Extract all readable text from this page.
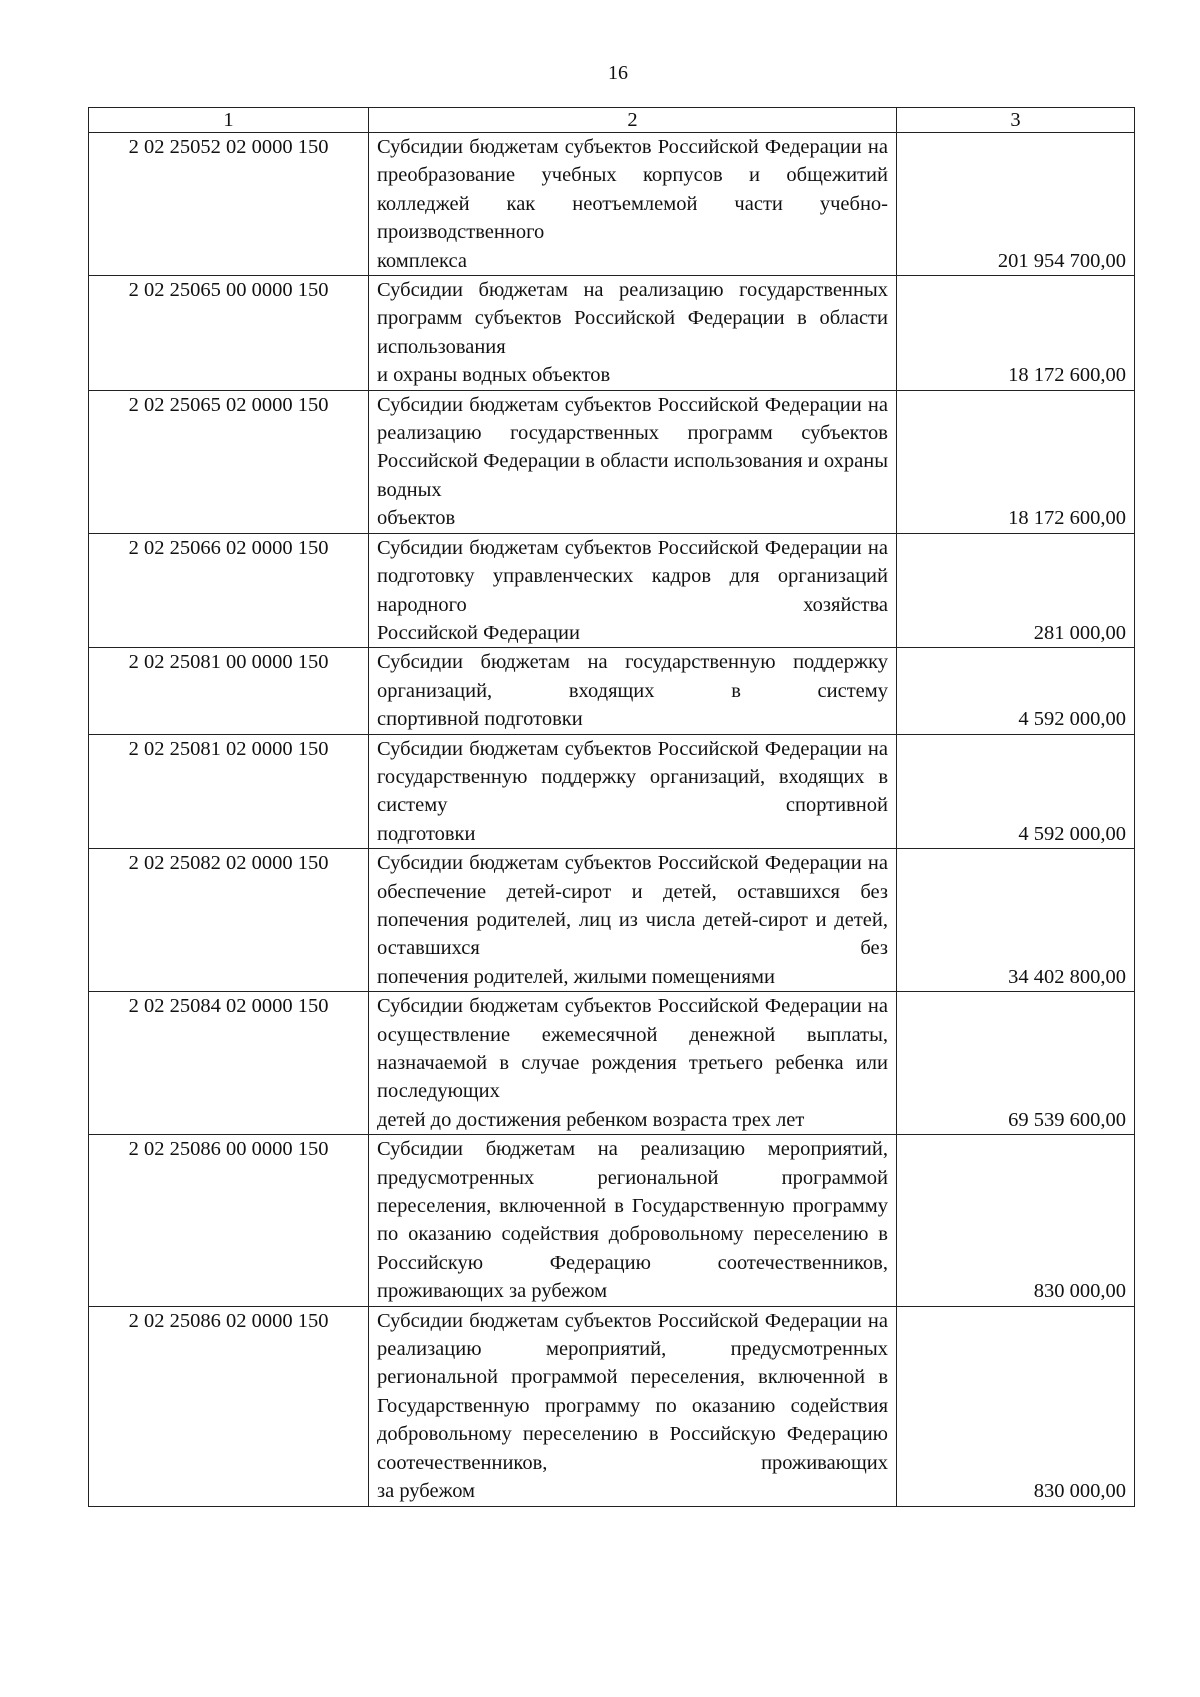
16
1	2	3
2 02 25052 02 0000 150	Субсидии бюджетам субъектов Российской Федерации на преобразование учебных корпусов и общежитий колледжей как неотъемлемой части учебно-производственного
комплекса	201 954 700,00
2 02 25065 00 0000 150	Субсидии бюджетам на реализацию государственных программ субъектов Российской Федерации в области использования
и охраны водных объектов	18 172 600,00
2 02 25065 02 0000 150	Субсидии бюджетам субъектов Российской Федерации на реализацию государственных программ субъектов Российской Федерации в области использования и охраны водных
объектов	18 172 600,00
2 02 25066 02 0000 150	Субсидии бюджетам субъектов Российской Федерации на подготовку управленческих кадров для организаций народного хозяйства
Российской Федерации	281 000,00
2 02 25081 00 0000 150	Субсидии бюджетам на государственную поддержку организаций, входящих в систему
спортивной подготовки	4 592 000,00
2 02 25081 02 0000 150	Субсидии бюджетам субъектов Российской Федерации на государственную поддержку организаций, входящих в систему спортивной
подготовки	4 592 000,00
2 02 25082 02 0000 150	Субсидии бюджетам субъектов Российской Федерации на обеспечение детей-сирот и детей, оставшихся без попечения родителей, лиц из числа детей-сирот и детей, оставшихся без
попечения родителей, жилыми помещениями	34 402 800,00
2 02 25084 02 0000 150	Субсидии бюджетам субъектов Российской Федерации на осуществление ежемесячной денежной выплаты, назначаемой в случае рождения третьего ребенка или последующих
детей до достижения ребенком возраста трех лет	69 539 600,00
2 02 25086 00 0000 150	Субсидии бюджетам на реализацию мероприятий, предусмотренных региональной программой переселения, включенной в Государственную программу по оказанию содействия добровольному переселению в Российскую Федерацию соотечественников,
проживающих за рубежом	830 000,00
2 02 25086 02 0000 150	Субсидии бюджетам субъектов Российской Федерации на реализацию мероприятий, предусмотренных региональной программой переселения, включенной в Государственную программу по оказанию содействия добровольному переселению в Российскую Федерацию соотечественников, проживающих
за рубежом	830 000,00
